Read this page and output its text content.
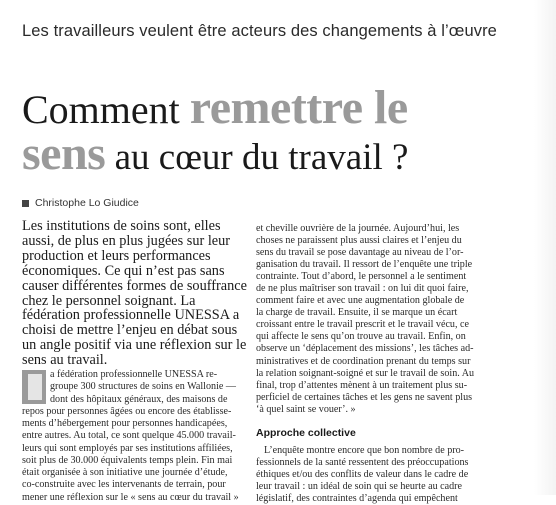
Les travailleurs veulent être acteurs des changements à l’œuvre
Comment remettre le
sens au cœur du travail ?
Christophe Lo Giudice

Les institutions de soins sont, elles
aussi, de plus en plus jugées sur leur
production et leurs performances
économiques. Ce qui n’est pas sans
causer différentes formes de souffrance
chez le personnel soignant. La
fédération professionnelle UNESSA a
choisi de mettre l’enjeu en débat sous
un angle positif via une réflexion sur le
sens au travail.

a fédération professionnelle UNESSA re-
groupe 300 structures de soins en Wallonie —
dont des hôpitaux généraux, des maisons de
repos pour personnes âgées ou encore des établisse-
ments d’hébergement pour personnes handicapées,
entre autres. Au total, ce sont quelque 45.000 travail-
leurs qui sont employés par ses institutions affiliées,
soit plus de 30.000 équivalents temps plein. Fin mai
était organisée à son initiative une journée d’étude,
co-construite avec les intervenants de terrain, pour
mener une réflexion sur le « sens au cœur du travail »
et cheville ouvrière de la journée. Aujourd’hui, les
choses ne paraissent plus aussi claires et l’enjeu du
sens du travail se pose davantage au niveau de l’or-
ganisation du travail. Il ressort de l’enquête une triple
contrainte. Tout d’abord, le personnel a le sentiment
de ne plus maîtriser son travail : on lui dit quoi faire,
comment faire et avec une augmentation globale de
la charge de travail. Ensuite, il se marque un écart
croissant entre le travail prescrit et le travail vécu, ce
qui affecte le sens qu’on trouve au travail. Enfin, on
observe un ‘déplacement des missions’, les tâches ad-
ministratives et de coordination prenant du temps sur
la relation soignant-soigné et sur le travail de soin. Au
final, trop d’attentes mènent à un traitement plus su-
perficiel de certaines tâches et les gens ne savent plus
‘à quel saint se vouer’. »
Approche collective
L’enquête montre encore que bon nombre de pro-
fessionnels de la santé ressentent des préoccupations
éthiques et/ou des conflits de valeur dans le cadre de
leur travail : un idéal de soin qui se heurte au cadre
législatif, des contraintes d’agenda qui empêchent
